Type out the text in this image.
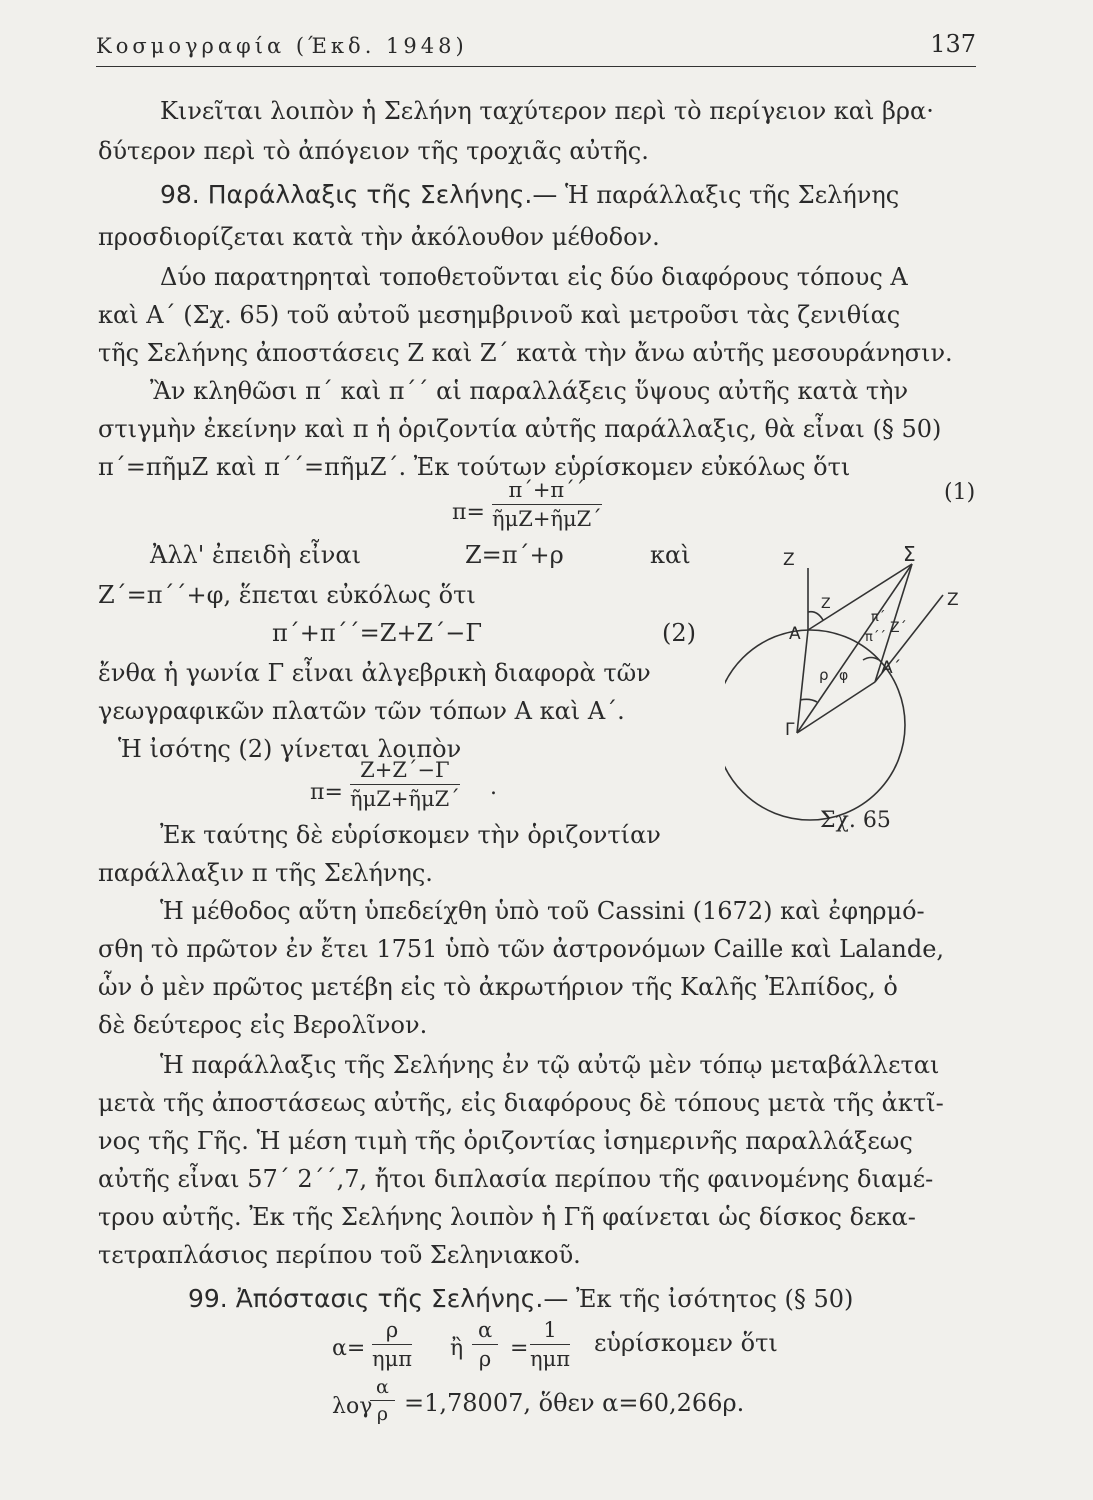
Κοσμογραφία (Έκδ. 1948)	137
Κινεῖται λοιπὸν ἡ Σελήνη ταχύτερον περὶ τὸ περίγειον καὶ βρα·
δύτερον περὶ τὸ ἀπόγειον τῆς τροχιᾶς αὐτῆς.
98. Παράλλαξις τῆς Σελήνης.— Ἡ παράλλαξις τῆς Σελήνης
προσδιορίζεται κατὰ τὴν ἀκόλουθον μέθοδον.
Δύο παρατηρηταὶ τοποθετοῦνται εἰς δύο διαφόρους τόπους Α
καὶ Α΄ (Σχ. 65) τοῦ αὐτοῦ μεσημβρινοῦ καὶ μετροῦσι τὰς ζενιθίας
τῆς Σελήνης ἀποστάσεις Ζ καὶ Ζ΄ κατὰ τὴν ἄνω αὐτῆς μεσουράνησιν.
Ἂν κληθῶσι π΄ καὶ π΄΄ αἱ παραλλάξεις ὕψους αὐτῆς κατὰ τὴν
στιγμὴν ἐκείνην καὶ π ἡ ὁριζοντία αὐτῆς παράλλαξις, θὰ εἶναι (§ 50)
π΄=πῆμΖ καὶ π΄΄=πῆμΖ΄. Ἐκ τούτων εὑρίσκομεν εὐκόλως ὅτι
π=
π΄+π΄΄
ῆμΖ+ῆμΖ΄
(1)
Ἀλλ' ἐπειδὴ εἶναι	Ζ=π΄+ρ	καὶ
Ζ΄=π΄΄+φ, ἕπεται εὐκόλως ὅτι
π΄+π΄΄=Ζ+Ζ΄−Γ	(2)
ἔνθα ἡ γωνία Γ εἶναι ἀλγεβρικὴ διαφορὰ τῶν
γεωγραφικῶν πλατῶν τῶν τόπων Α καὶ Α΄.
Ἡ ἰσότης (2) γίνεται λοιπὸν
π=
Ζ+Ζ΄−Γ
ῆμΖ+ῆμΖ΄ .
Ἐκ ταύτης δὲ εὑρίσκομεν τὴν ὁριζοντίαν
παράλλαξιν π τῆς Σελήνης.
Ἡ μέθοδος αὕτη ὑπεδείχθη ὑπὸ τοῦ Cassini (1672) καὶ ἐφηρμό-
σθη τὸ πρῶτον ἐν ἔτει 1751 ὑπὸ τῶν ἀστρονόμων Caille καὶ Lalande,
ὧν ὁ μὲν πρῶτος μετέβη εἰς τὸ ἀκρωτήριον τῆς Καλῆς Ἐλπίδος, ὁ
δὲ δεύτερος εἰς Βερολῖνον.
Ἡ παράλλαξις τῆς Σελήνης ἐν τῷ αὐτῷ μὲν τόπῳ μεταβάλλεται
μετὰ τῆς ἀποστάσεως αὐτῆς, εἰς διαφόρους δὲ τόπους μετὰ τῆς ἀκτῖ-
νος τῆς Γῆς. Ἡ μέση τιμὴ τῆς ὁριζοντίας ἰσημερινῆς παραλλάξεως
αὐτῆς εἶναι 57΄ 2΄΄,7, ἤτοι διπλασία περίπου τῆς φαινομένης διαμέ-
τρου αὐτῆς. Ἐκ τῆς Σελήνης λοιπὸν ἡ Γῆ φαίνεται ὡς δίσκος δεκα-
τετραπλάσιος περίπου τοῦ Σεληνιακοῦ.
99. Ἀπόστασις τῆς Σελήνης.— Ἐκ τῆς ἰσότητος (§ 50)
α=
ρ
ημπ ἢ $\frac{\alpha}{\rho}$ =
1
ημπ
εὑρίσκομεν ὅτι
λογ
$\frac{\alpha}{\rho} =1,78007$, ὅθεν α=60,266ρ.
Ζ	Σ
Ζ
Ζ
π΄
π΄΄
Ζ΄
Α
Α΄
ρ φ
Γ
Σχ. 65
